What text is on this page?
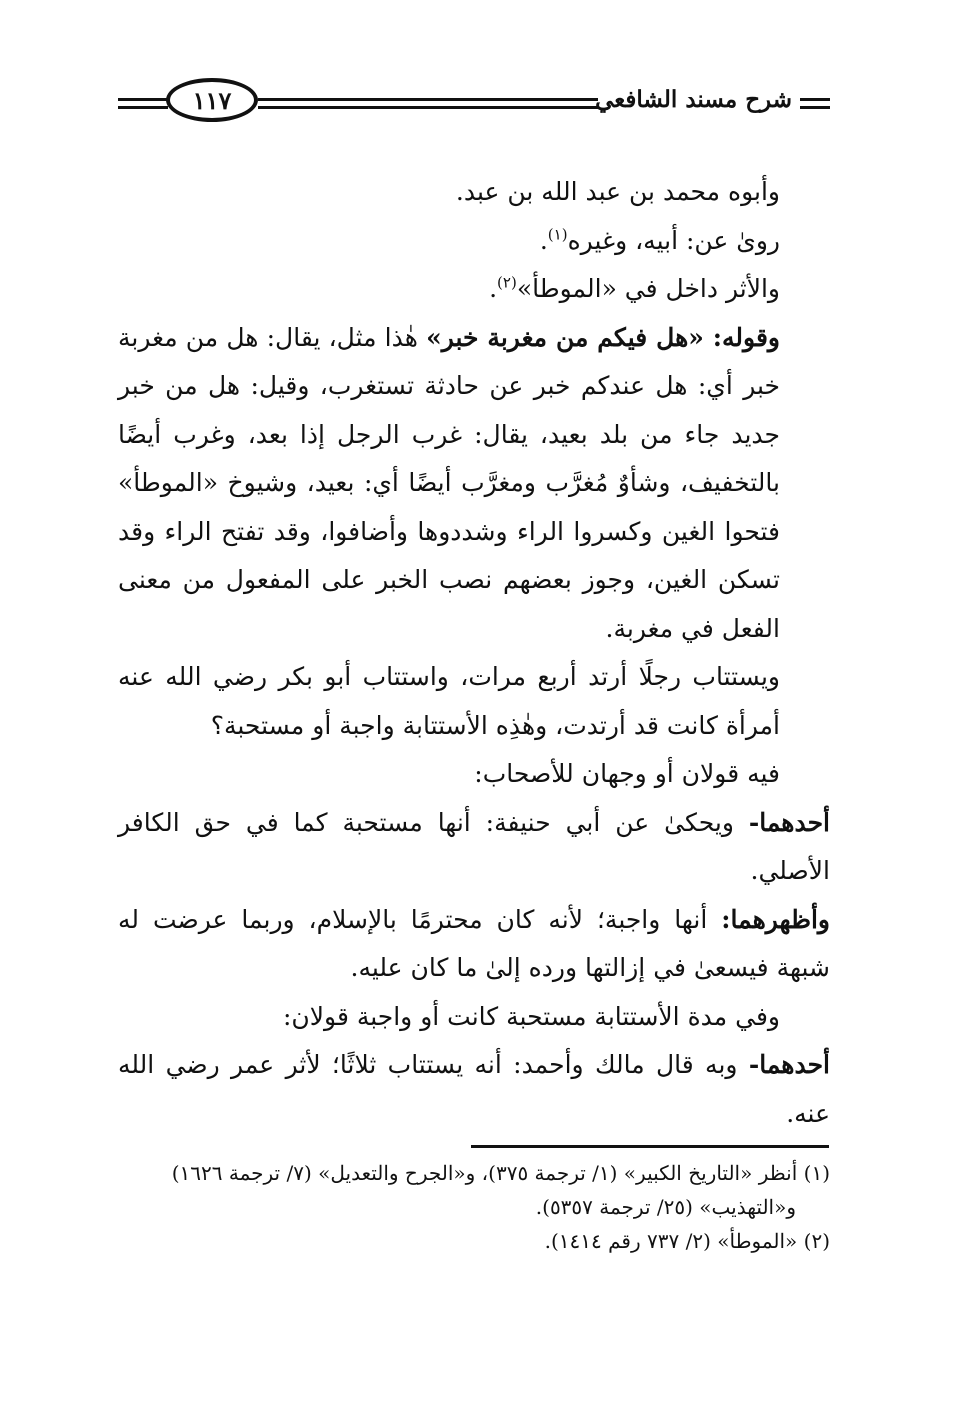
شرح مسند الشافعي
١١٧

وأبوه محمد بن عبد الله بن عبد.

روىٰ عن: أبيه، وغيره$^{(١)}$.

والأثر داخل في «الموطأ»$^{(٢)}$.

وقوله: «هل فيكم من مغربة خبر» هٰذا مثل، يقال: هل من مغربة خبر أي: هل عندكم خبر عن حادثة تستغرب، وقيل: هل من خبر جديد جاء من بلد بعيد، يقال: غرب الرجل إذا بعد، وغرب أيضًا بالتخفيف، وشأوٌ مُغرَّب ومغرَّب أيضًا أي: بعيد، وشيوخ «الموطأ» فتحوا الغين وكسروا الراء وشددوها وأضافوا، وقد تفتح الراء وقد تسكن الغين، وجوز بعضهم نصب الخبر على المفعول من معنى الفعل في مغربة.

ويستتاب رجلًا أرتد أربع مرات، واستتاب أبو بكر رضي الله عنه أمرأة كانت قد أرتدت، وهٰذِه الأستتابة واجبة أو مستحبة؟

فيه قولان أو وجهان للأصحاب:

أحدهما- ويحكىٰ عن أبي حنيفة: أنها مستحبة كما في حق الكافر الأصلي.

وأظهرهما: أنها واجبة؛ لأنه كان محترمًا بالإسلام، وربما عرضت له شبهة فيسعىٰ في إزالتها ورده إلىٰ ما كان عليه.

وفي مدة الأستتابة مستحبة كانت أو واجبة قولان:

أحدهما- وبه قال مالك وأحمد: أنه يستتاب ثلاثًا؛ لأثر عمر رضي الله عنه.

(١) أنظر «التاريخ الكبير» (١/ ترجمة ٣٧٥)، و«الجرح والتعديل» (٧/ ترجمة ١٦٢٦)

و«التهذيب» (٢٥/ ترجمة ٥٣٥٧).

(٢) «الموطأ» (٢/ ٧٣٧ رقم ١٤١٤).
